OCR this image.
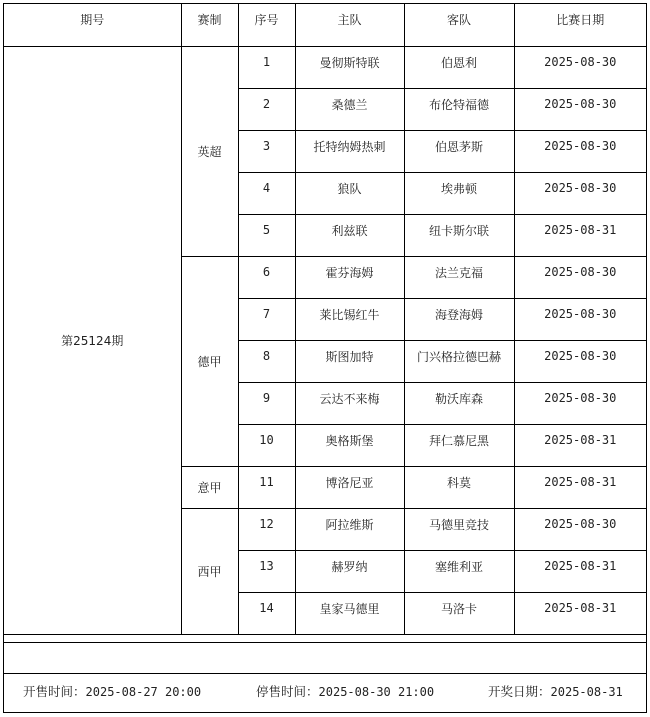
期号	赛制	序号	主队	客队	比赛日期

第25124期	英超	1	曼彻斯特联	伯恩利	2025-08-30

		2	桑德兰	布伦特福德	2025-08-30

		3	托特纳姆热刺	伯恩茅斯	2025-08-30

		4	狼队	埃弗顿	2025-08-30

		5	利兹联	纽卡斯尔联	2025-08-31

	德甲	6	霍芬海姆	法兰克福	2025-08-30

		7	莱比锡红牛	海登海姆	2025-08-30

		8	斯图加特	门兴格拉德巴赫	2025-08-30

		9	云达不来梅	勒沃库森	2025-08-30

		10	奥格斯堡	拜仁慕尼黑	2025-08-31

	意甲	11	博洛尼亚	科莫	2025-08-31

	西甲	12	阿拉维斯	马德里竞技	2025-08-30

		13	赫罗纳	塞维利亚	2025-08-31

		14	皇家马德里	马洛卡	2025-08-31
开售时间：2025-08-27 20:00	停售时间：2025-08-30 21:00	开奖日期：2025-08-31
